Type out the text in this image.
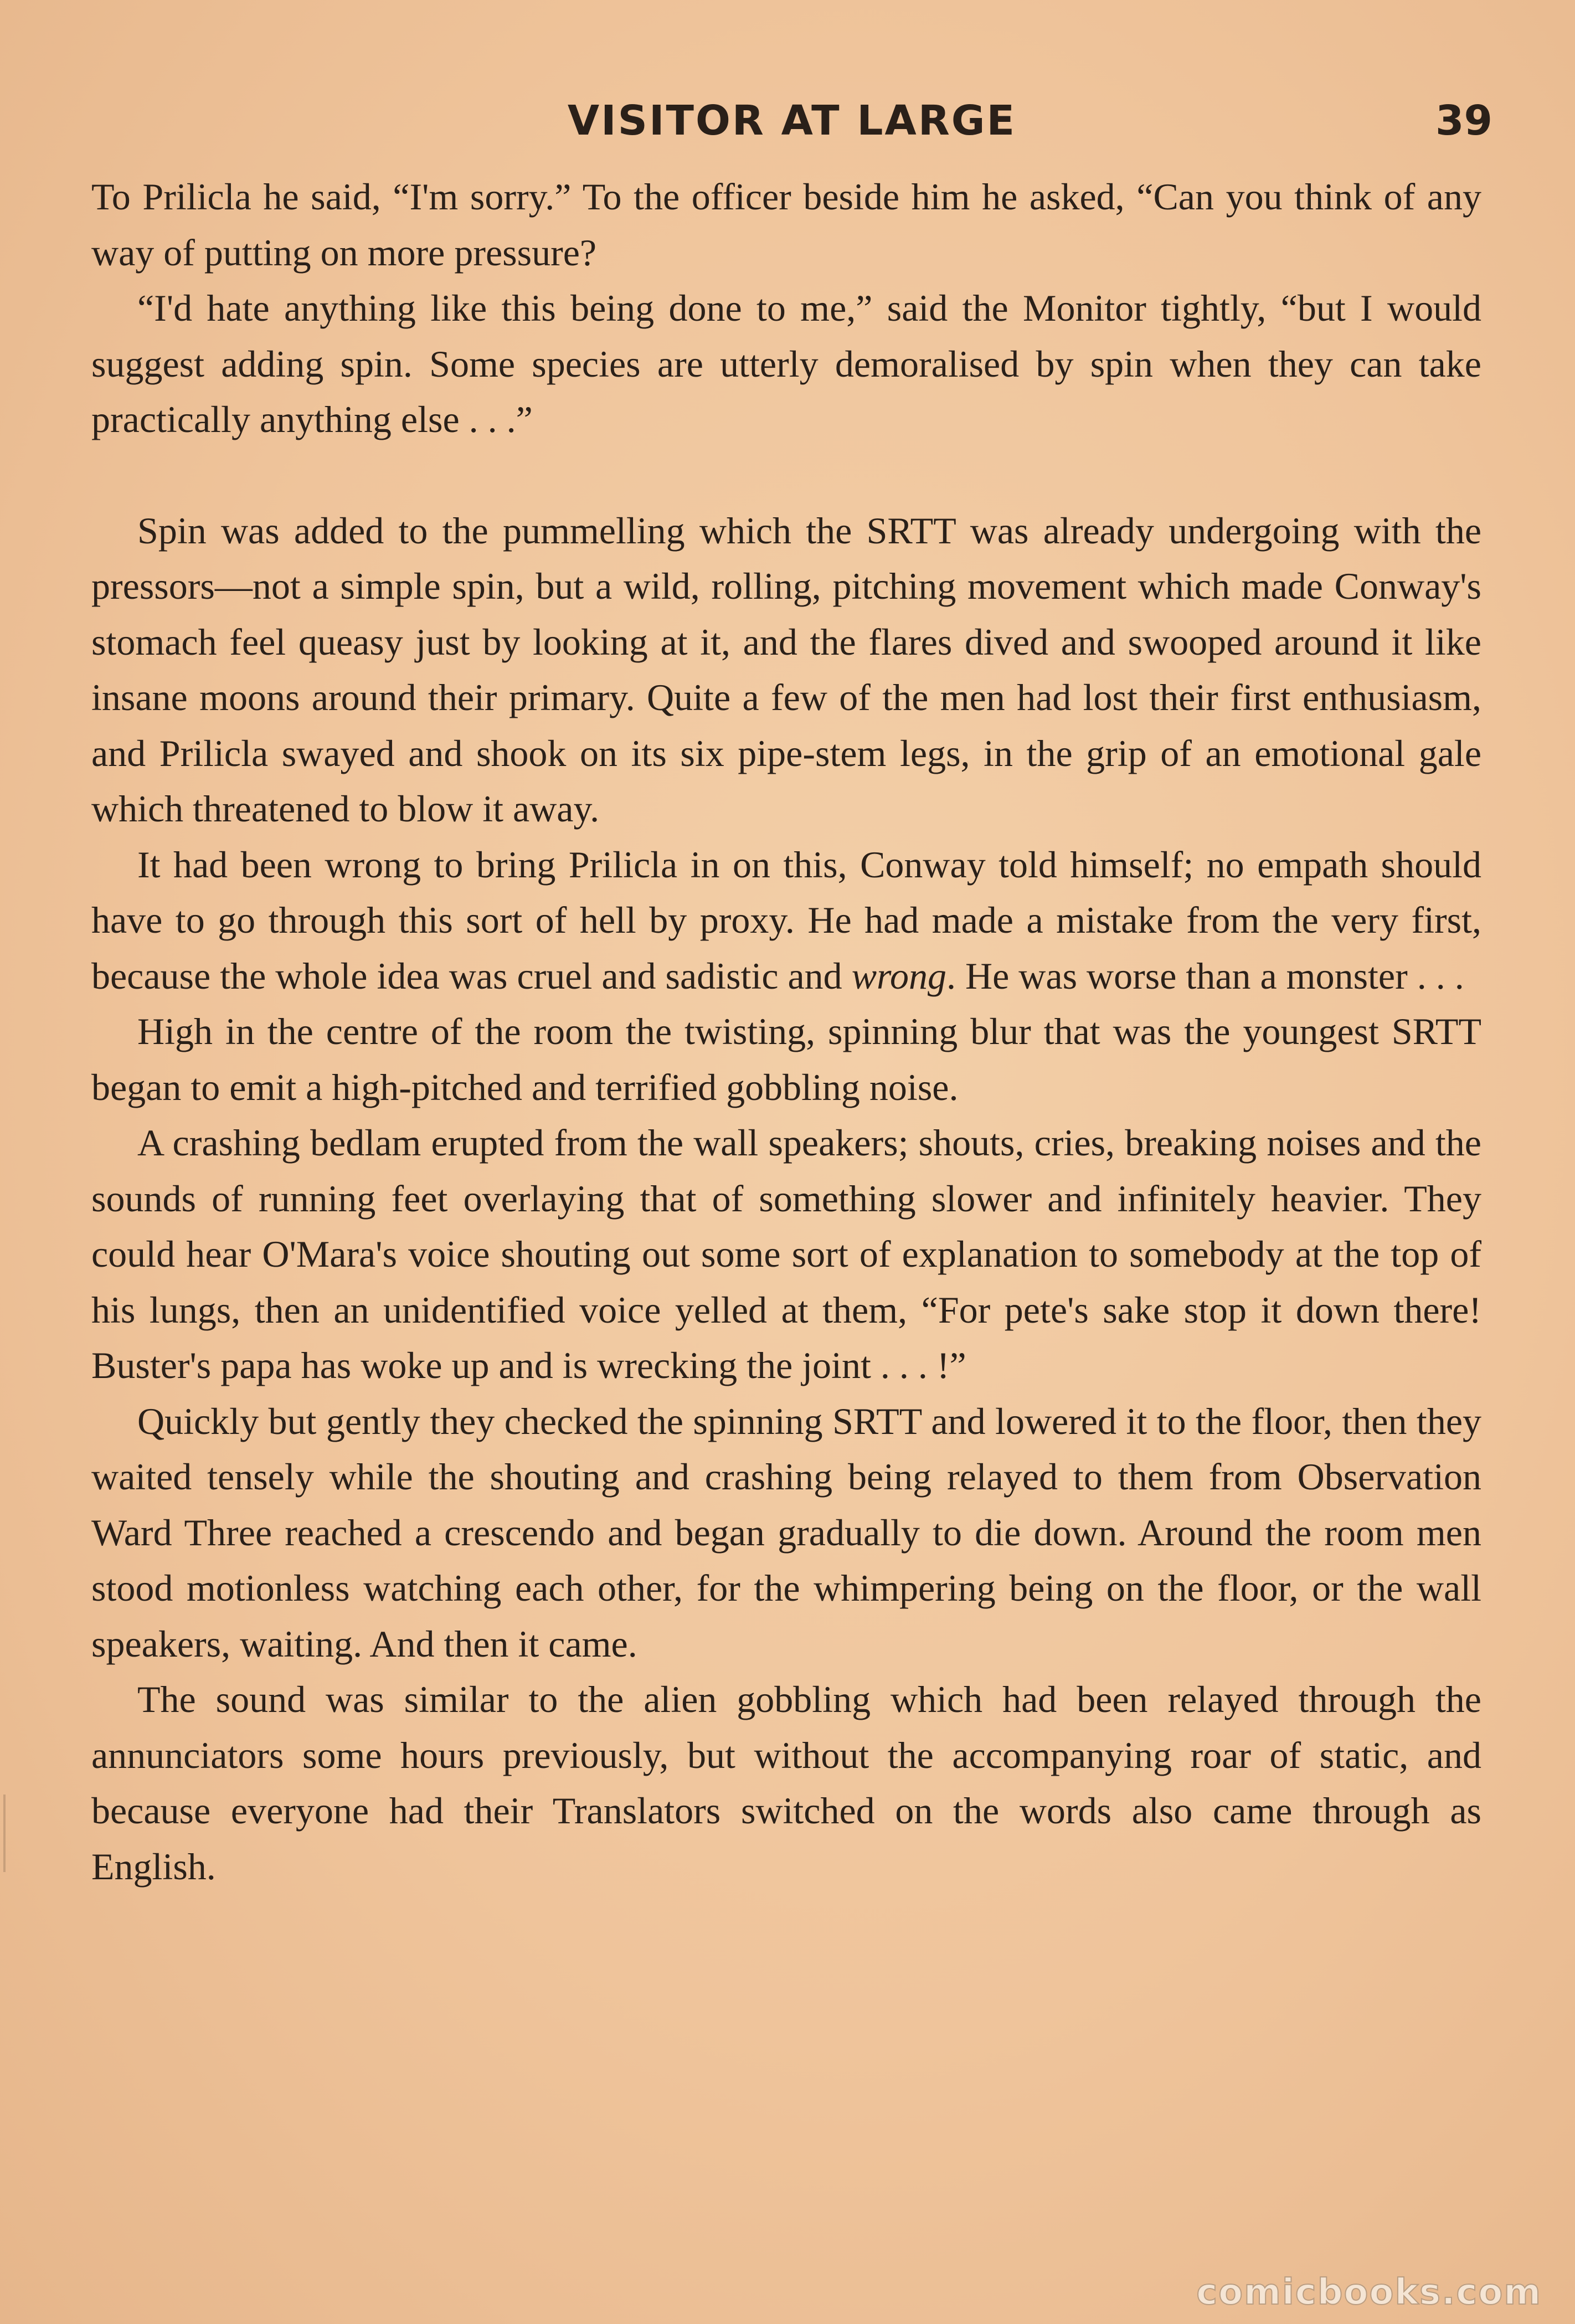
VISITOR AT LARGE	39

To Prilicla he said, “I'm sorry.” To the officer beside him he asked, “Can you think of any way of putting on more pressure?

“I'd hate anything like this being done to me,” said the Monitor tightly, “but I would suggest adding spin. Some species are utterly demoralised by spin when they can take practically anything else . . .”

Spin was added to the pummelling which the SRTT was already undergoing with the pressors—not a simple spin, but a wild, rolling, pitching movement which made Conway's stomach feel queasy just by looking at it, and the flares dived and swooped around it like insane moons around their primary. Quite a few of the men had lost their first enthusiasm, and Prilicla swayed and shook on its six pipe-stem legs, in the grip of an emotional gale which threatened to blow it away.

It had been wrong to bring Prilicla in on this, Conway told himself; no empath should have to go through this sort of hell by proxy. He had made a mistake from the very first, because the whole idea was cruel and sadistic and wrong. He was worse than a monster . . .

High in the centre of the room the twisting, spinning blur that was the youngest SRTT began to emit a high-pitched and terrified gobbling noise.

A crashing bedlam erupted from the wall speakers; shouts, cries, breaking noises and the sounds of running feet overlaying that of something slower and infinitely heavier. They could hear O'Mara's voice shouting out some sort of explanation to somebody at the top of his lungs, then an unidentified voice yelled at them, “For pete's sake stop it down there! Buster's papa has woke up and is wrecking the joint . . . !”

Quickly but gently they checked the spinning SRTT and lowered it to the floor, then they waited tensely while the shouting and crashing being relayed to them from Observation Ward Three reached a crescendo and began gradually to die down. Around the room men stood motionless watching each other, for the whimpering being on the floor, or the wall speakers, waiting. And then it came.

The sound was similar to the alien gobbling which had been relayed through the annunciators some hours previously, but without the accompanying roar of static, and because everyone had their Translators switched on the words also came through as English.

comicbooks.com
